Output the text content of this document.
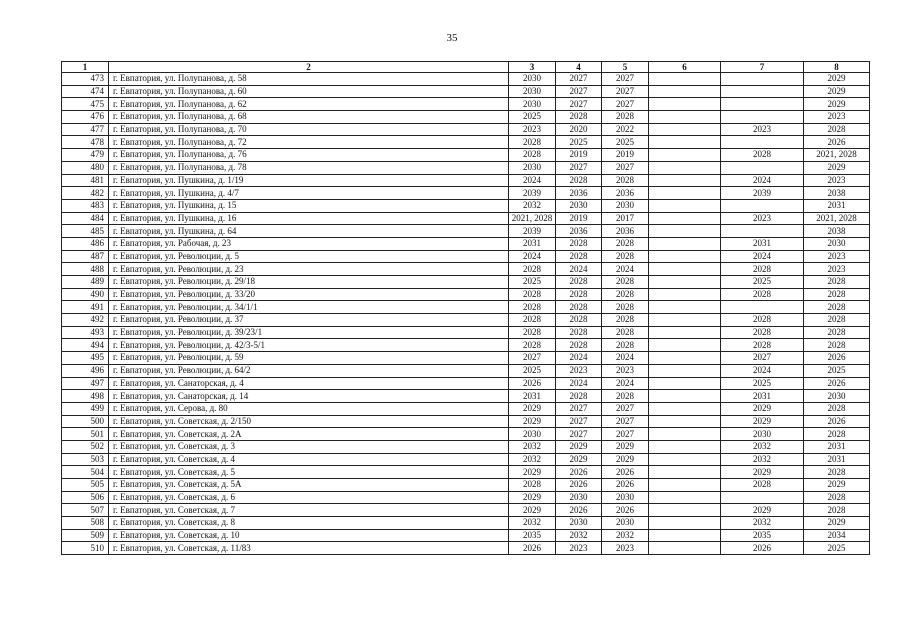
35
1	2	3	4	5	6	7	8
473	г. Евпатория, ул. Полупанова, д. 58	2030	2027	2027			2029
474	г. Евпатория, ул. Полупанова, д. 60	2030	2027	2027			2029
475	г. Евпатория, ул. Полупанова, д. 62	2030	2027	2027			2029
476	г. Евпатория, ул. Полупанова, д. 68	2025	2028	2028			2023
477	г. Евпатория, ул. Полупанова, д. 70	2023	2020	2022		2023	2028
478	г. Евпатория, ул. Полупанова, д. 72	2028	2025	2025			2026
479	г. Евпатория, ул. Полупанова, д. 76	2028	2019	2019		2028	2021, 2028
480	г. Евпатория, ул. Полупанова, д. 78	2030	2027	2027			2029
481	г. Евпатория, ул. Пушкина, д. 1/19	2024	2028	2028		2024	2023
482	г. Евпатория, ул. Пушкина, д. 4/7	2039	2036	2036		2039	2038
483	г. Евпатория, ул. Пушкина, д. 15	2032	2030	2030			2031
484	г. Евпатория, ул. Пушкина, д. 16	2021, 2028	2019	2017		2023	2021, 2028
485	г. Евпатория, ул. Пушкина, д. 64	2039	2036	2036			2038
486	г. Евпатория, ул. Рабочая, д. 23	2031	2028	2028		2031	2030
487	г. Евпатория, ул. Революции, д. 5	2024	2028	2028		2024	2023
488	г. Евпатория, ул. Революции, д. 23	2028	2024	2024		2028	2023
489	г. Евпатория, ул. Революции, д. 29/18	2025	2028	2028		2025	2028
490	г. Евпатория, ул. Революции, д. 33/20	2028	2028	2028		2028	2028
491	г. Евпатория, ул. Революции, д. 34/1/1	2028	2028	2028			2028
492	г. Евпатория, ул. Революции, д. 37	2028	2028	2028		2028	2028
493	г. Евпатория, ул. Революции, д. 39/23/1	2028	2028	2028		2028	2028
494	г. Евпатория, ул. Революции, д. 42/3-5/1	2028	2028	2028		2028	2028
495	г. Евпатория, ул. Революции, д. 59	2027	2024	2024		2027	2026
496	г. Евпатория, ул. Революции, д. 64/2	2025	2023	2023		2024	2025
497	г. Евпатория, ул. Санаторская, д. 4	2026	2024	2024		2025	2026
498	г. Евпатория, ул. Санаторская, д. 14	2031	2028	2028		2031	2030
499	г. Евпатория, ул. Серова, д. 80	2029	2027	2027		2029	2028
500	г. Евпатория, ул. Советская, д. 2/150	2029	2027	2027		2029	2026
501	г. Евпатория, ул. Советская, д. 2А	2030	2027	2027		2030	2028
502	г. Евпатория, ул. Советская, д. 3	2032	2029	2029		2032	2031
503	г. Евпатория, ул. Советская, д. 4	2032	2029	2029		2032	2031
504	г. Евпатория, ул. Советская, д. 5	2029	2026	2026		2029	2028
505	г. Евпатория, ул. Советская, д. 5А	2028	2026	2026		2028	2029
506	г. Евпатория, ул. Советская, д. 6	2029	2030	2030			2028
507	г. Евпатория, ул. Советская, д. 7	2029	2026	2026		2029	2028
508	г. Евпатория, ул. Советская, д. 8	2032	2030	2030		2032	2029
509	г. Евпатория, ул. Советская, д. 10	2035	2032	2032		2035	2034
510	г. Евпатория, ул. Советская, д. 11/83	2026	2023	2023		2026	2025
